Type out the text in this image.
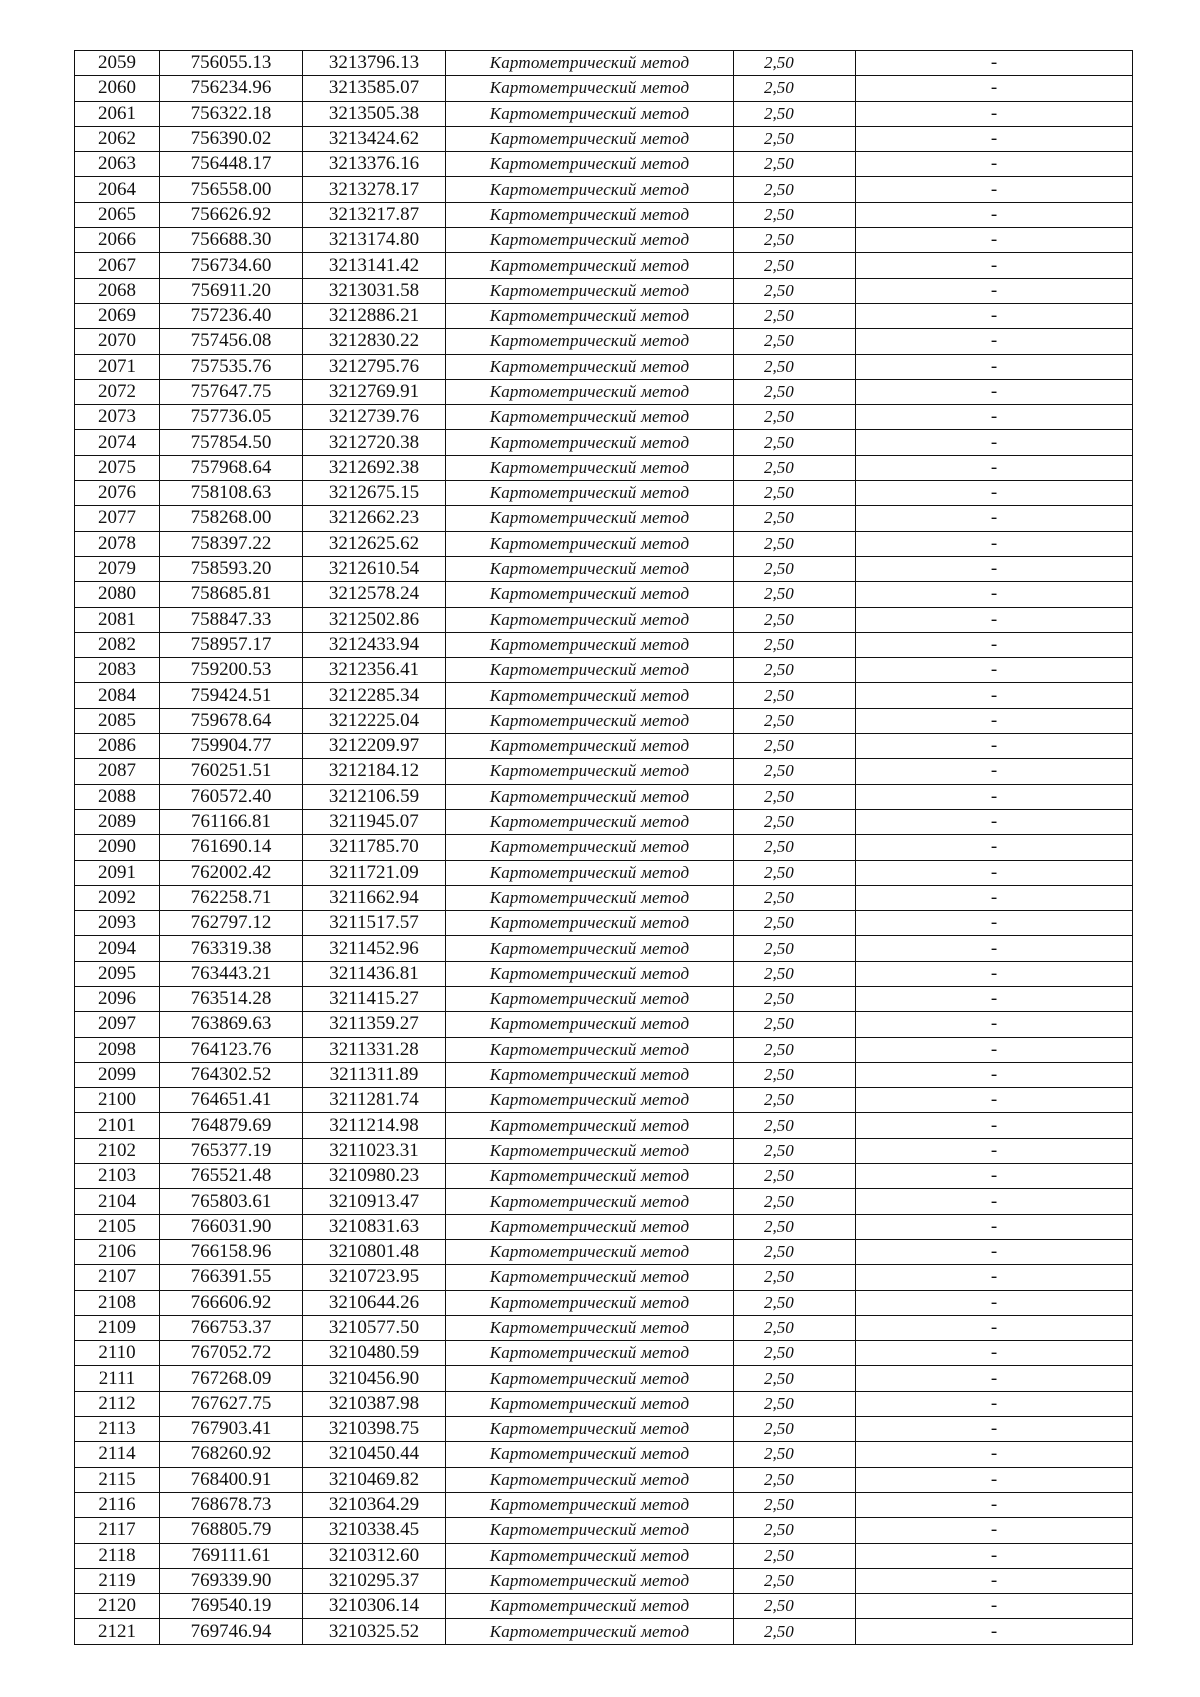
2059	756055.13	3213796.13	Картометрический метод	2,50	-
2060	756234.96	3213585.07	Картометрический метод	2,50	-
2061	756322.18	3213505.38	Картометрический метод	2,50	-
2062	756390.02	3213424.62	Картометрический метод	2,50	-
2063	756448.17	3213376.16	Картометрический метод	2,50	-
2064	756558.00	3213278.17	Картометрический метод	2,50	-
2065	756626.92	3213217.87	Картометрический метод	2,50	-
2066	756688.30	3213174.80	Картометрический метод	2,50	-
2067	756734.60	3213141.42	Картометрический метод	2,50	-
2068	756911.20	3213031.58	Картометрический метод	2,50	-
2069	757236.40	3212886.21	Картометрический метод	2,50	-
2070	757456.08	3212830.22	Картометрический метод	2,50	-
2071	757535.76	3212795.76	Картометрический метод	2,50	-
2072	757647.75	3212769.91	Картометрический метод	2,50	-
2073	757736.05	3212739.76	Картометрический метод	2,50	-
2074	757854.50	3212720.38	Картометрический метод	2,50	-
2075	757968.64	3212692.38	Картометрический метод	2,50	-
2076	758108.63	3212675.15	Картометрический метод	2,50	-
2077	758268.00	3212662.23	Картометрический метод	2,50	-
2078	758397.22	3212625.62	Картометрический метод	2,50	-
2079	758593.20	3212610.54	Картометрический метод	2,50	-
2080	758685.81	3212578.24	Картометрический метод	2,50	-
2081	758847.33	3212502.86	Картометрический метод	2,50	-
2082	758957.17	3212433.94	Картометрический метод	2,50	-
2083	759200.53	3212356.41	Картометрический метод	2,50	-
2084	759424.51	3212285.34	Картометрический метод	2,50	-
2085	759678.64	3212225.04	Картометрический метод	2,50	-
2086	759904.77	3212209.97	Картометрический метод	2,50	-
2087	760251.51	3212184.12	Картометрический метод	2,50	-
2088	760572.40	3212106.59	Картометрический метод	2,50	-
2089	761166.81	3211945.07	Картометрический метод	2,50	-
2090	761690.14	3211785.70	Картометрический метод	2,50	-
2091	762002.42	3211721.09	Картометрический метод	2,50	-
2092	762258.71	3211662.94	Картометрический метод	2,50	-
2093	762797.12	3211517.57	Картометрический метод	2,50	-
2094	763319.38	3211452.96	Картометрический метод	2,50	-
2095	763443.21	3211436.81	Картометрический метод	2,50	-
2096	763514.28	3211415.27	Картометрический метод	2,50	-
2097	763869.63	3211359.27	Картометрический метод	2,50	-
2098	764123.76	3211331.28	Картометрический метод	2,50	-
2099	764302.52	3211311.89	Картометрический метод	2,50	-
2100	764651.41	3211281.74	Картометрический метод	2,50	-
2101	764879.69	3211214.98	Картометрический метод	2,50	-
2102	765377.19	3211023.31	Картометрический метод	2,50	-
2103	765521.48	3210980.23	Картометрический метод	2,50	-
2104	765803.61	3210913.47	Картометрический метод	2,50	-
2105	766031.90	3210831.63	Картометрический метод	2,50	-
2106	766158.96	3210801.48	Картометрический метод	2,50	-
2107	766391.55	3210723.95	Картометрический метод	2,50	-
2108	766606.92	3210644.26	Картометрический метод	2,50	-
2109	766753.37	3210577.50	Картометрический метод	2,50	-
2110	767052.72	3210480.59	Картометрический метод	2,50	-
2111	767268.09	3210456.90	Картометрический метод	2,50	-
2112	767627.75	3210387.98	Картометрический метод	2,50	-
2113	767903.41	3210398.75	Картометрический метод	2,50	-
2114	768260.92	3210450.44	Картометрический метод	2,50	-
2115	768400.91	3210469.82	Картометрический метод	2,50	-
2116	768678.73	3210364.29	Картометрический метод	2,50	-
2117	768805.79	3210338.45	Картометрический метод	2,50	-
2118	769111.61	3210312.60	Картометрический метод	2,50	-
2119	769339.90	3210295.37	Картометрический метод	2,50	-
2120	769540.19	3210306.14	Картометрический метод	2,50	-
2121	769746.94	3210325.52	Картометрический метод	2,50	-
